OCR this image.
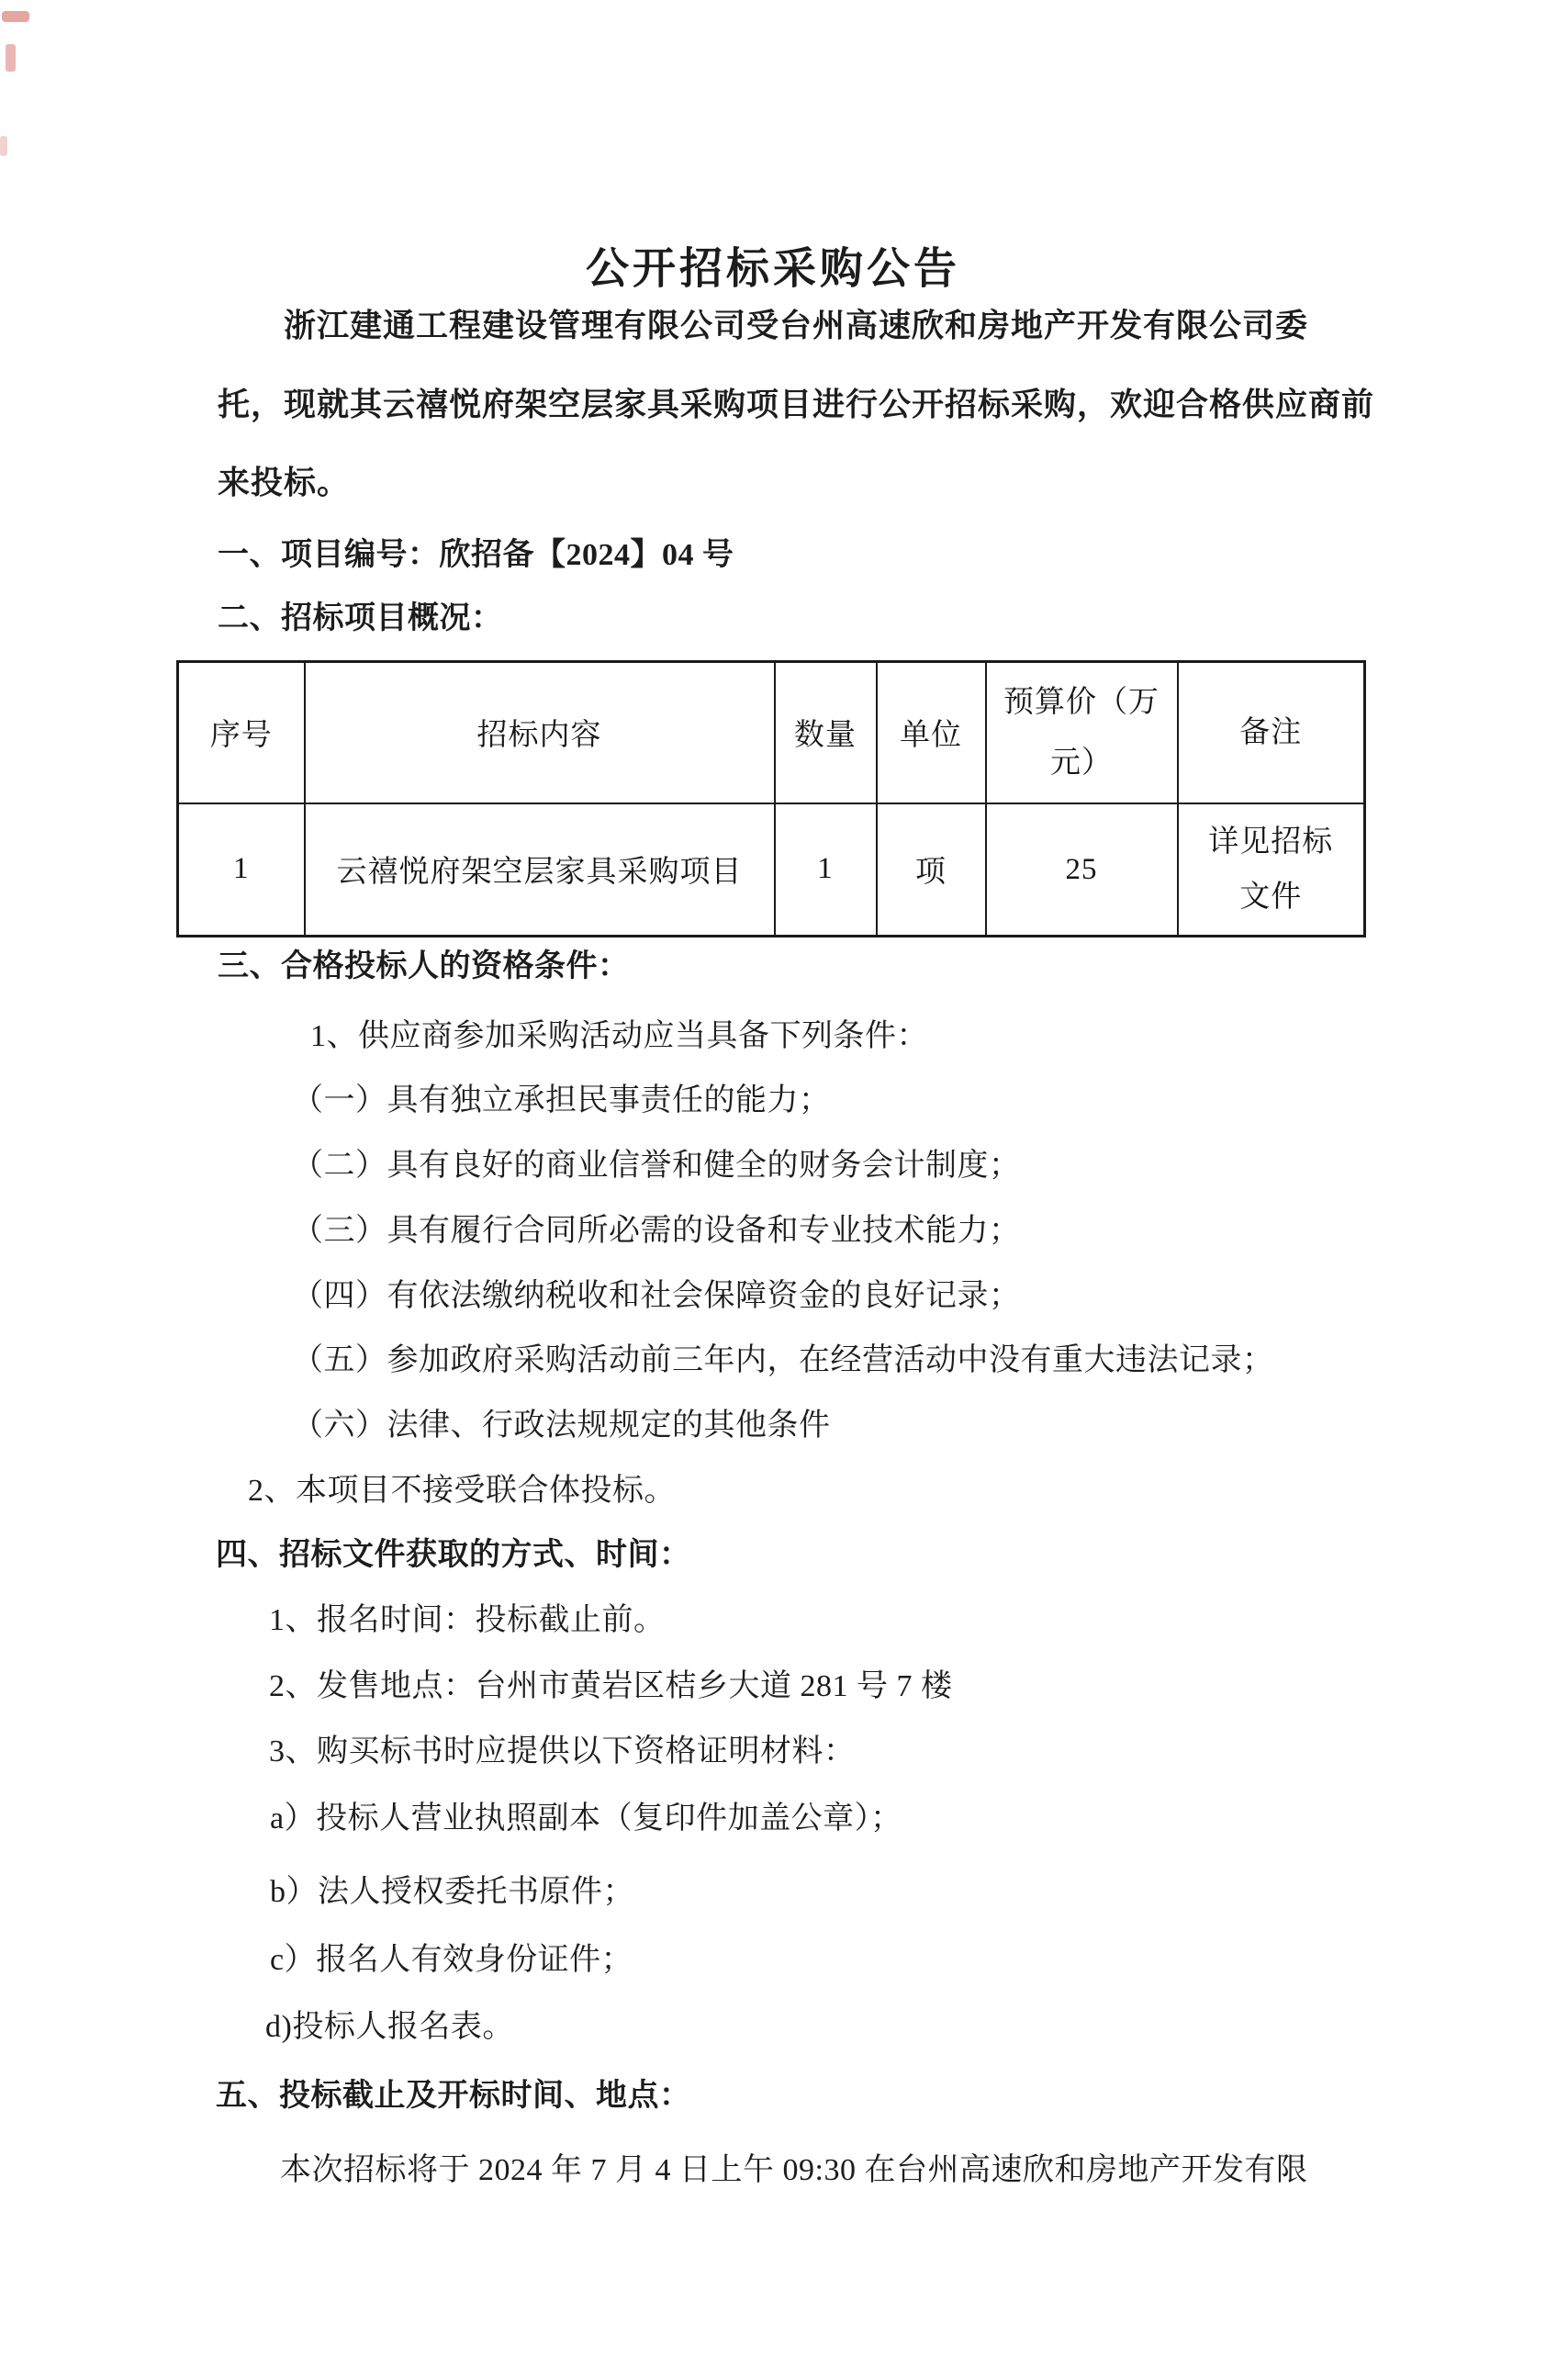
公开招标采购公告
浙江建通工程建设管理有限公司受台州高速欣和房地产开发有限公司委
托，现就其云禧悦府架空层家具采购项目进行公开招标采购，欢迎合格供应商前
来投标。
一、项目编号：欣招备【2024】04 号
二、招标项目概况：
序号	招标内容	数量	单位	预算价（万元）	备注
1	云禧悦府架空层家具采购项目	1	项	25	详见招标文件
三、合格投标人的资格条件：
1、供应商参加采购活动应当具备下列条件：
（一）具有独立承担民事责任的能力；
（二）具有良好的商业信誉和健全的财务会计制度；
（三）具有履行合同所必需的设备和专业技术能力；
（四）有依法缴纳税收和社会保障资金的良好记录；
（五）参加政府采购活动前三年内，在经营活动中没有重大违法记录；
（六）法律、行政法规规定的其他条件
2、本项目不接受联合体投标。
四、招标文件获取的方式、时间：
1、报名时间：投标截止前。
2、发售地点：台州市黄岩区桔乡大道 281 号 7 楼
3、购买标书时应提供以下资格证明材料：
a）投标人营业执照副本（复印件加盖公章）；
b）法人授权委托书原件；
c）报名人有效身份证件；
d)投标人报名表。
五、投标截止及开标时间、地点：
本次招标将于 2024 年 7 月 4 日上午 09:30 在台州高速欣和房地产开发有限
